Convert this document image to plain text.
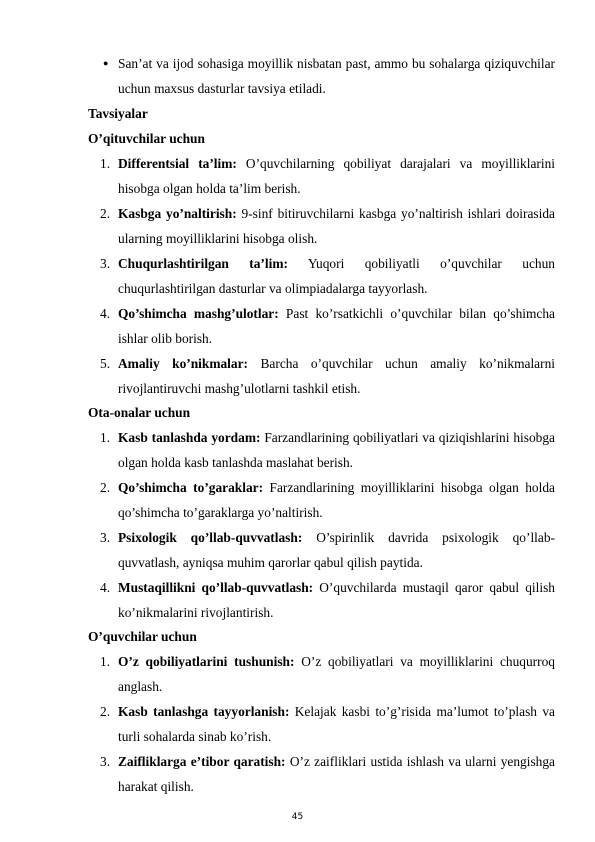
● San’at va ijod sohasiga moyillik nisbatan past, ammo bu sohalarga qiziquvchilar uchun maxsus dasturlar tavsiya etiladi.
Tavsiyalar
O’qituvchilar uchun
1. Differentsial ta’lim: O’quvchilarning qobiliyat darajalari va moyilliklarini hisobga olgan holda ta’lim berish.
2. Kasbga yo’naltirish: 9-sinf bitiruvchilarni kasbga yo’naltirish ishlari doirasida ularning moyilliklarini hisobga olish.
3. Chuqurlashtirilgan ta’lim: Yuqori qobiliyatli o’quvchilar uchun chuqurlashtirilgan dasturlar va olimpiadalarga tayyorlash.
4. Qo’shimcha mashg’ulotlar: Past ko’rsatkichli o’quvchilar bilan qo’shimcha ishlar olib borish.
5. Amaliy ko’nikmalar: Barcha o’quvchilar uchun amaliy ko’nikmalarni rivojlantiruvchi mashg’ulotlarni tashkil etish.
Ota-onalar uchun
1. Kasb tanlashda yordam: Farzandlarining qobiliyatlari va qiziqishlarini hisobga olgan holda kasb tanlashda maslahat berish.
2. Qo’shimcha to’garaklar: Farzandlarining moyilliklarini hisobga olgan holda qo’shimcha to’garaklarga yo’naltirish.
3. Psixologik qo’llab-quvvatlash: O’spirinlik davrida psixologik qo’llab-quvvatlash, ayniqsa muhim qarorlar qabul qilish paytida.
4. Mustaqillikni qo’llab-quvvatlash: O’quvchilarda mustaqil qaror qabul qilish ko’nikmalarini rivojlantirish.
O’quvchilar uchun
1. O’z qobiliyatlarini tushunish: O’z qobiliyatlari va moyilliklarini chuqurroq anglash.
2. Kasb tanlashga tayyorlanish: Kelajak kasbi to’g’risida ma’lumot to’plash va turli sohalarda sinab ko’rish.
3. Zaifliklarga e’tibor qaratish: O’z zaifliklari ustida ishlash va ularni yengishga harakat qilish.
45
